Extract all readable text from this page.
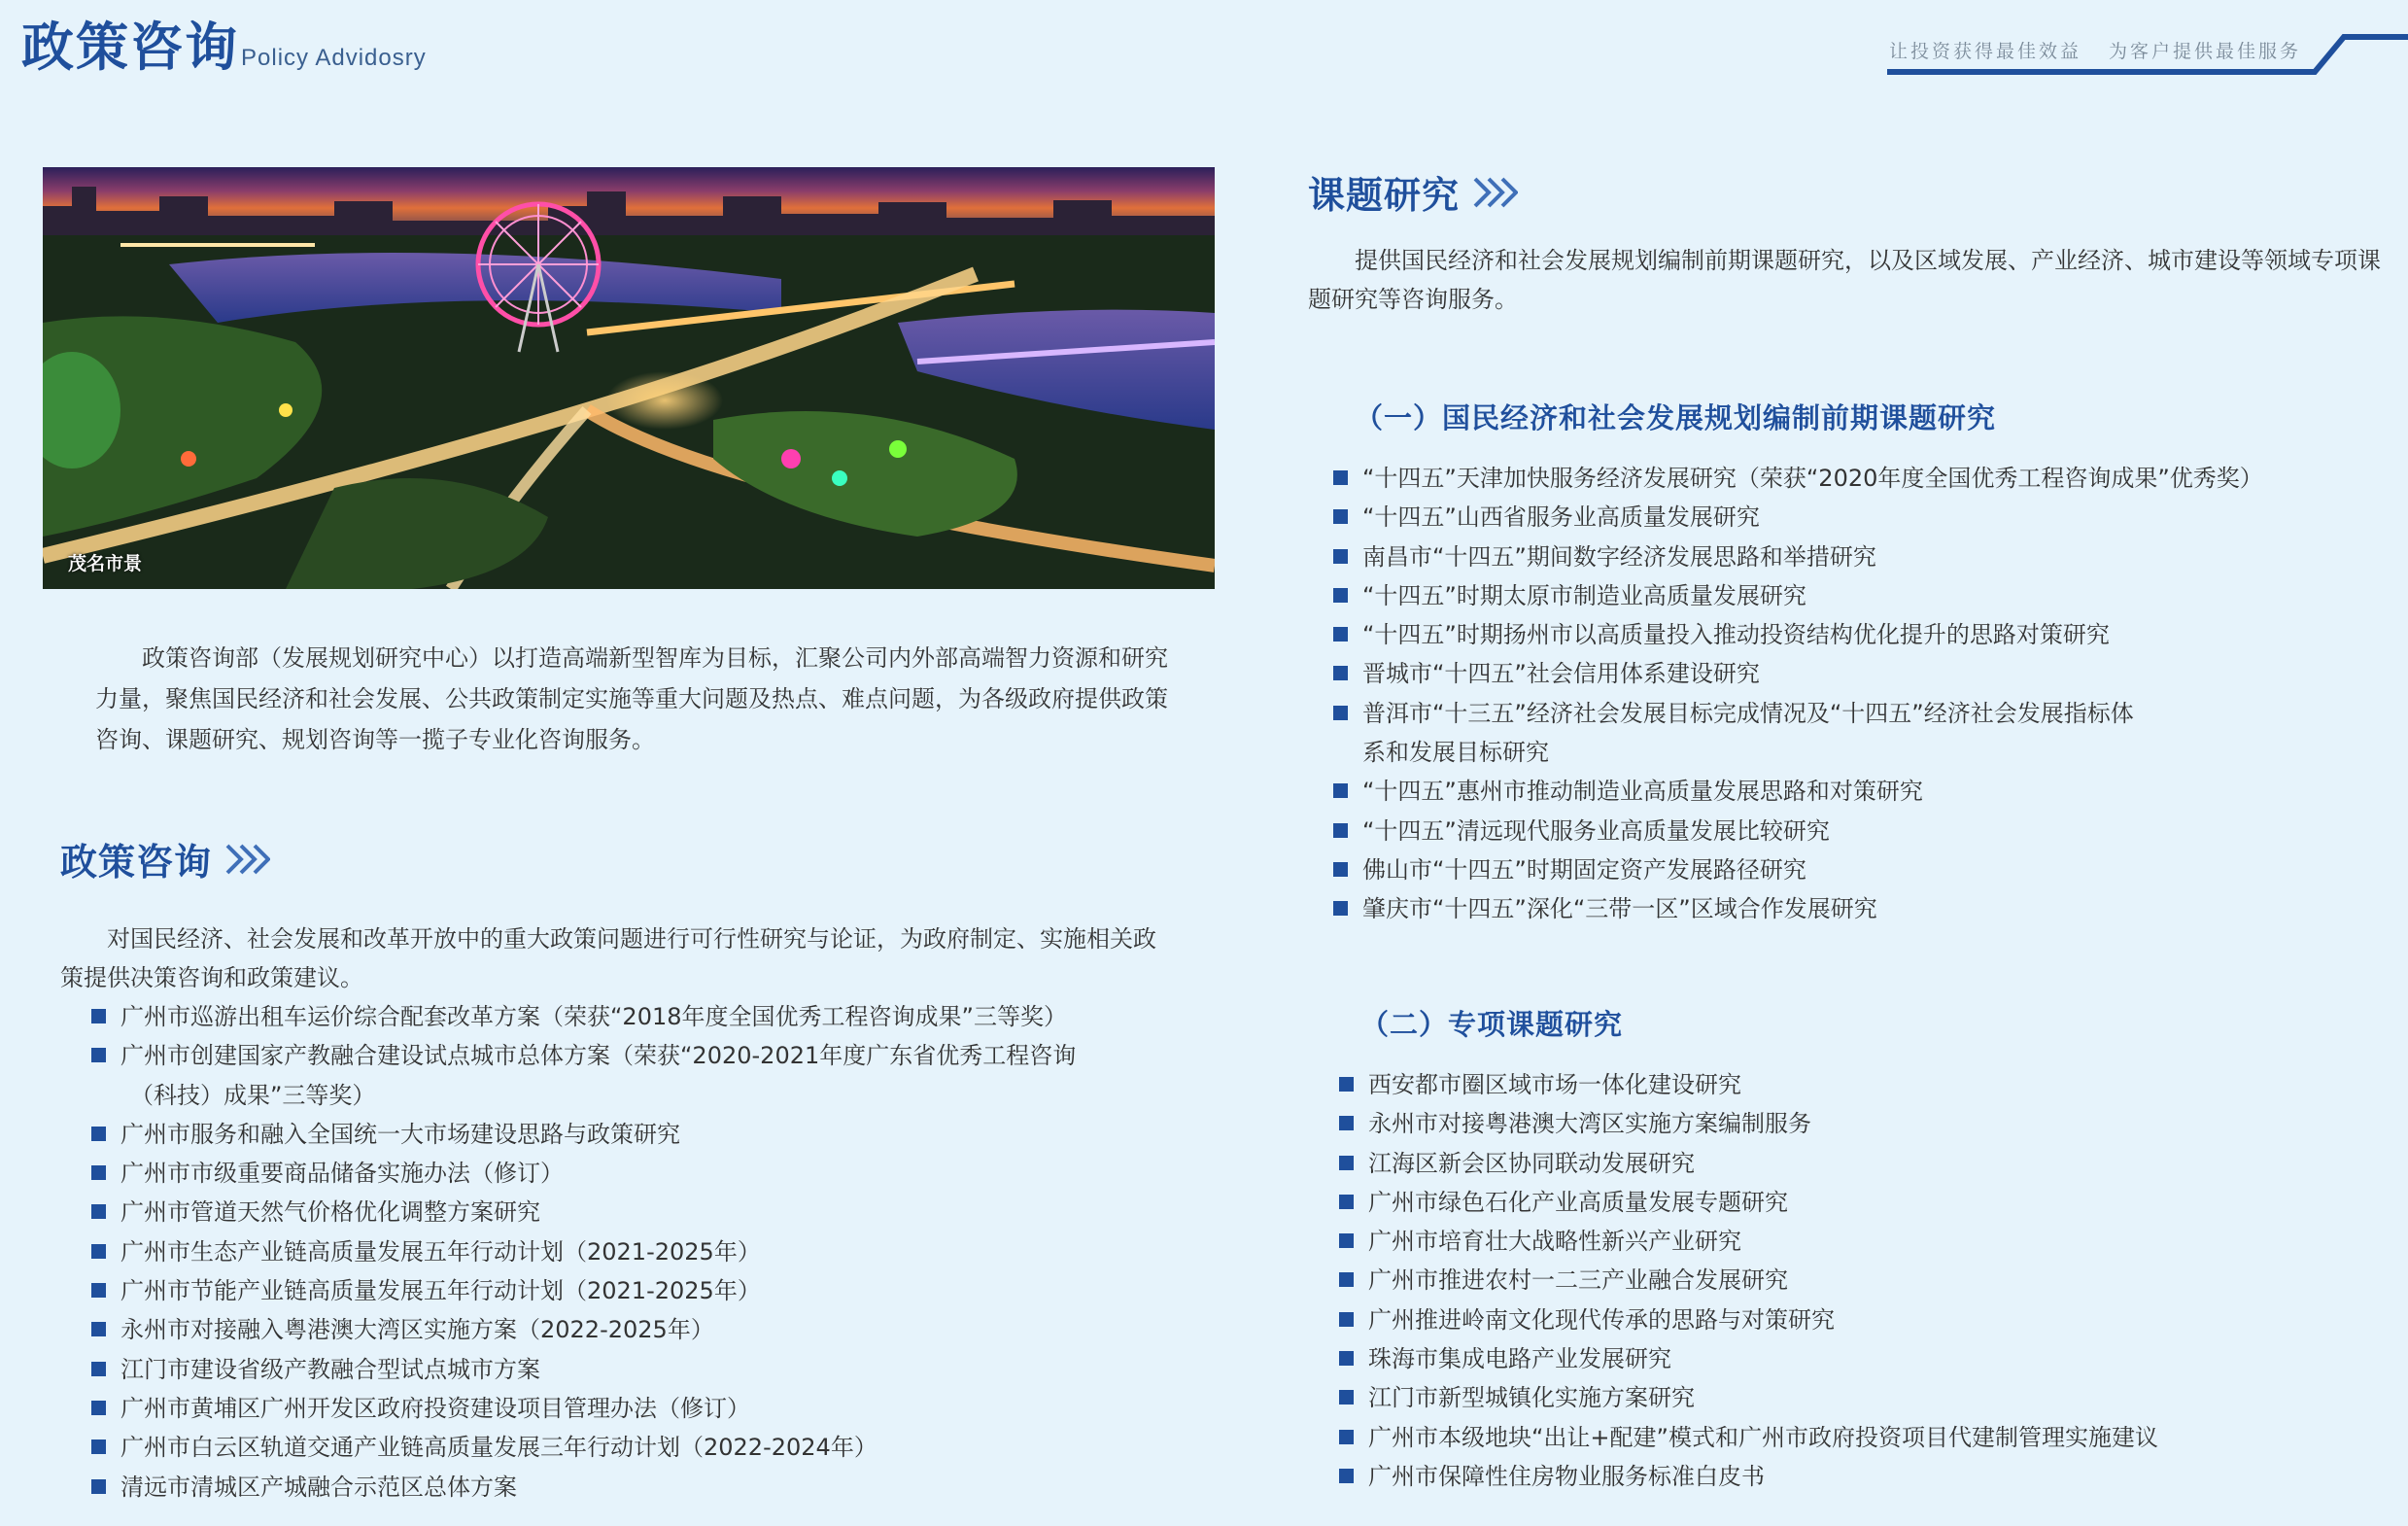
政策咨询 Policy Advidosry	让投资获得最佳效益 为客户提供最佳服务
茂名市景

政策咨询部（发展规划研究中心）以打造高端新型智库为目标，汇聚公司内外部高端智力资源和研究力量，聚焦国民经济和社会发展、公共政策制定实施等重大问题及热点、难点问题，为各级政府提供政策咨询、课题研究、规划咨询等一揽子专业化咨询服务。

政策咨询

对国民经济、社会发展和改革开放中的重大政策问题进行可行性研究与论证，为政府制定、实施相关政策提供决策咨询和政策建议。

广州市巡游出租车运价综合配套改革方案（荣获“2018年度全国优秀工程咨询成果”三等奖）
广州市创建国家产教融合建设试点城市总体方案（荣获“2020-2021年度广东省优秀工程咨询
（科技）成果”三等奖）
广州市服务和融入全国统一大市场建设思路与政策研究
广州市市级重要商品储备实施办法（修订）
广州市管道天然气价格优化调整方案研究
广州市生态产业链高质量发展五年行动计划（2021-2025年）
广州市节能产业链高质量发展五年行动计划（2021-2025年）
永州市对接融入粤港澳大湾区实施方案（2022-2025年）
江门市建设省级产教融合型试点城市方案
广州市黄埔区广州开发区政府投资建设项目管理办法（修订）
广州市白云区轨道交通产业链高质量发展三年行动计划（2022-2024年）
清远市清城区产城融合示范区总体方案
课题研究

提供国民经济和社会发展规划编制前期课题研究，以及区域发展、产业经济、城市建设等领域专项课题研究等咨询服务。

（一）国民经济和社会发展规划编制前期课题研究
“十四五”天津加快服务经济发展研究（荣获“2020年度全国优秀工程咨询成果”优秀奖）
“十四五”山西省服务业高质量发展研究
南昌市“十四五”期间数字经济发展思路和举措研究
“十四五”时期太原市制造业高质量发展研究
“十四五”时期扬州市以高质量投入推动投资结构优化提升的思路对策研究
晋城市“十四五”社会信用体系建设研究
普洱市“十三五”经济社会发展目标完成情况及“十四五”经济社会发展指标体
系和发展目标研究
“十四五”惠州市推动制造业高质量发展思路和对策研究
“十四五”清远现代服务业高质量发展比较研究
佛山市“十四五”时期固定资产发展路径研究
肇庆市“十四五”深化“三带一区”区域合作发展研究
（二）专项课题研究
西安都市圈区域市场一体化建设研究
永州市对接粤港澳大湾区实施方案编制服务
江海区新会区协同联动发展研究
广州市绿色石化产业高质量发展专题研究
广州市培育壮大战略性新兴产业研究
广州市推进农村一二三产业融合发展研究
广州推进岭南文化现代传承的思路与对策研究
珠海市集成电路产业发展研究
江门市新型城镇化实施方案研究
广州市本级地块“出让+配建”模式和广州市政府投资项目代建制管理实施建议
广州市保障性住房物业服务标准白皮书
